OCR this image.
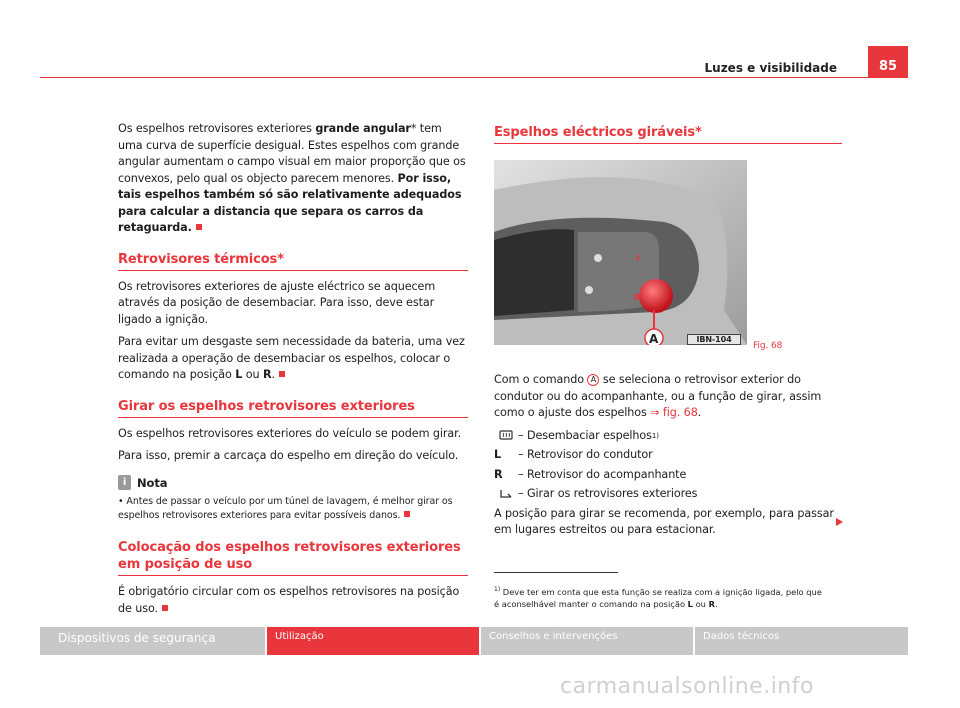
Luzes e visibilidade	85

Os espelhos retrovisores exteriores grande angular* tem uma curva de superfície desigual. Estes espelhos com grande angular aumentam o campo visual em maior proporção que os convexos, pelo qual os objecto parecem menores. Por isso, tais espelhos também só são relativamente adequados para calcular a distancia que separa os carros da retaguarda.

Retrovisores térmicos*

Os retrovisores exteriores de ajuste eléctrico se aquecem através da posição de desembaciar. Para isso, deve estar ligado a ignição.

Para evitar um desgaste sem necessidade da bateria, uma vez realizada a operação de desembaciar os espelhos, colocar o comando na posição L ou R.

Girar os espelhos retrovisores exteriores

Os espelhos retrovisores exteriores do veículo se podem girar.

Para isso, premir a carcaça do espelho em direção do veículo.

i Nota

• Antes de passar o veículo por um túnel de lavagem, é melhor girar os espelhos retrovisores exteriores para evitar possíveis danos.

Colocação dos espelhos retrovisores exteriores em posição de uso

É obrigatório circular com os espelhos retrovisores na posição de uso.

Espelhos eléctricos giráveis*
L
R
A	IBN-104
Fig. 68

Com o comando A se seleciona o retrovisor exterior do condutor ou do acompanhante, ou a função de girar, assim como o ajuste dos espelhos ⇒ fig. 68.

– Desembaciar espelhos 1)
L	– Retrovisor do condutor
R	– Retrovisor do acompanhante
– Girar os retrovisores exteriores

A posição para girar se recomenda, por exemplo, para passar em lugares estreitos ou para estacionar.

$^{1)}$ Deve ter em conta que esta função se realiza com a ignição ligada, pelo que é aconselhável manter o comando na posição L ou R.
Dispositivos de segurança	Utilização	Conselhos e intervenções	Dados técnicos
carmanualsonline.info
